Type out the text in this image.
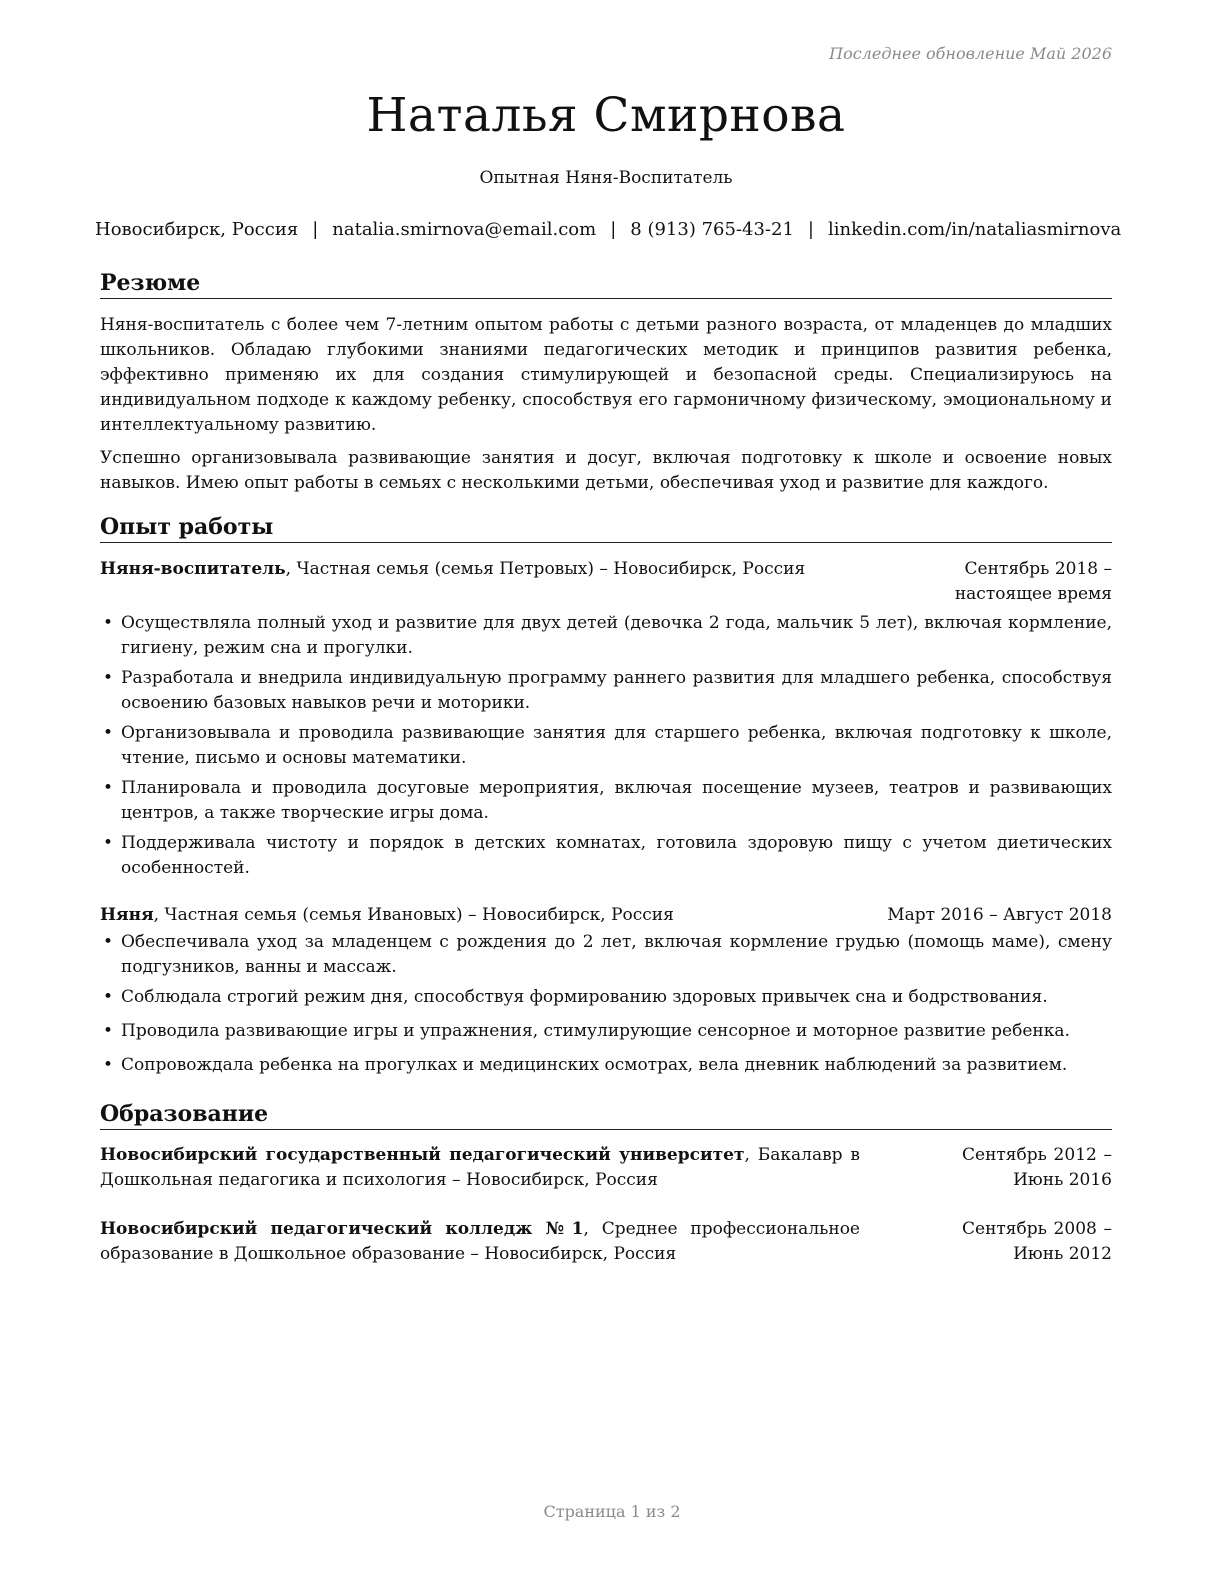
Последнее обновление Май 2026
Наталья Смирнова
Опытная Няня-Воспитатель
Новосибирск, Россия | natalia.smirnova@email.com | 8 (913) 765-43-21 | linkedin.com/in/nataliasmirnova
Резюме

Няня-воспитатель с более чем 7-летним опытом работы с детьми разного возраста, от младенцев до младших школьников. Обладаю глубокими знаниями педагогических методик и принципов развития ребенка, эффективно применяю их для создания стимулирующей и безопасной среды. Специализируюсь на индивидуальном подходе к каждому ребенку, способствуя его гармоничному физическому, эмоциональному и интеллектуальному развитию.

Успешно организовывала развивающие занятия и досуг, включая подготовку к школе и освоение новых навыков. Имею опыт работы в семьях с несколькими детьми, обеспечивая уход и развитие для каждого.

Опыт работы
Няня-воспитатель, Частная семья (семья Петровых) – Новосибирск, Россия	Сентябрь 2018 – настоящее время
• Осуществляла полный уход и развитие для двух детей (девочка 2 года, мальчик 5 лет), включая кормление, гигиену, режим сна и прогулки.
• Разработала и внедрила индивидуальную программу раннего развития для младшего ребенка, способствуя освоению базовых навыков речи и моторики.
• Организовывала и проводила развивающие занятия для старшего ребенка, включая подготовку к школе, чтение, письмо и основы математики.
• Планировала и проводила досуговые мероприятия, включая посещение музеев, театров и развивающих центров, а также творческие игры дома.
• Поддерживала чистоту и порядок в детских комнатах, готовила здоровую пищу с учетом диетических особенностей.
Няня, Частная семья (семья Ивановых) – Новосибирск, Россия	Март 2016 – Август 2018
• Обеспечивала уход за младенцем с рождения до 2 лет, включая кормление грудью (помощь маме), смену подгузников, ванны и массаж.
• Соблюдала строгий режим дня, способствуя формированию здоровых привычек сна и бодрствования.
• Проводила развивающие игры и упражнения, стимулирующие сенсорное и моторное развитие ребенка.
• Сопровождала ребенка на прогулках и медицинских осмотрах, вела дневник наблюдений за развитием.
Образование
Новосибирский государственный педагогический университет, Бакалавр в Дошкольная педагогика и психология – Новосибирск, Россия
Сентябрь 2012 – Июнь 2016
Новосибирский педагогический колледж №1, Среднее профессиональное образование в Дошкольное образование – Новосибирск, Россия
Сентябрь 2008 – Июнь 2012
Страница 1 из 2
